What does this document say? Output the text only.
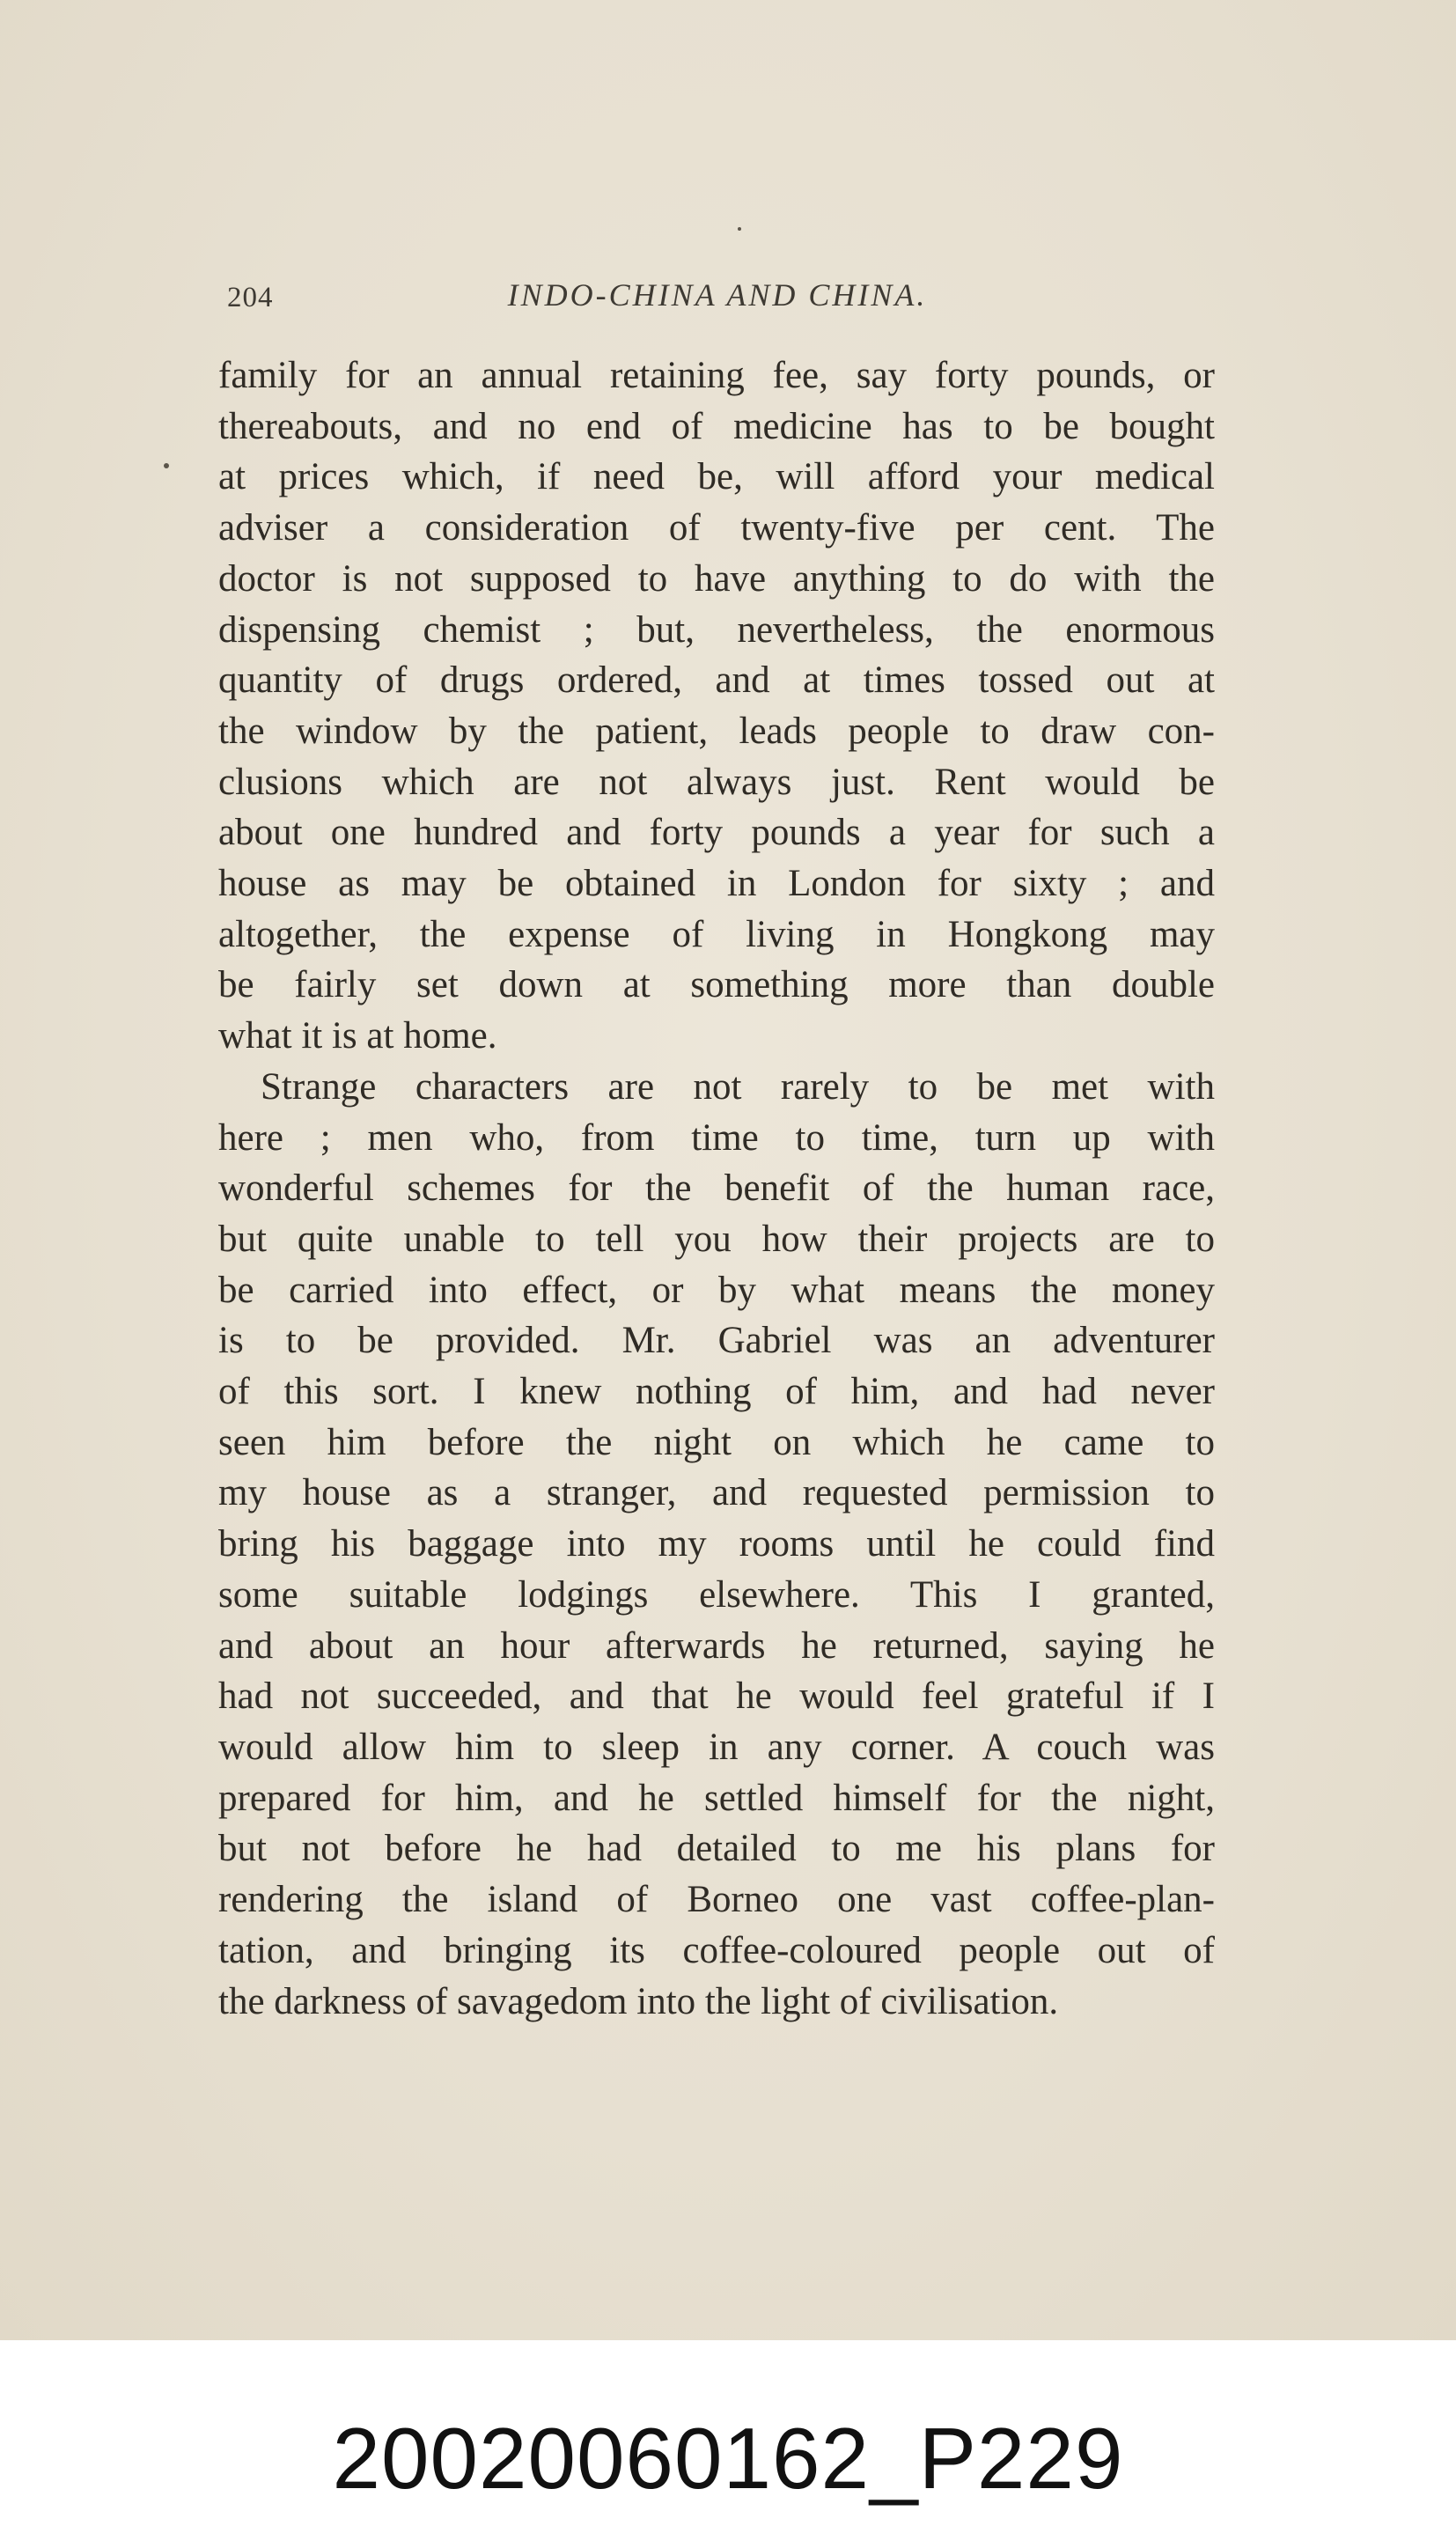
204	INDO-CHINA AND CHINA.
family for an annual retaining fee, say forty pounds, or
thereabouts, and no end of medicine has to be bought
at prices which, if need be, will afford your medical
adviser a consideration of twenty-five per cent. The
doctor is not supposed to have anything to do with the
dispensing chemist ; but, nevertheless, the enormous
quantity of drugs ordered, and at times tossed out at
the window by the patient, leads people to draw con-
clusions which are not always just. Rent would be
about one hundred and forty pounds a year for such a
house as may be obtained in London for sixty ; and
altogether, the expense of living in Hongkong may
be fairly set down at something more than double
what it is at home.
Strange characters are not rarely to be met with
here ; men who, from time to time, turn up with
wonderful schemes for the benefit of the human race,
but quite unable to tell you how their projects are to
be carried into effect, or by what means the money
is to be provided. Mr. Gabriel was an adventurer
of this sort. I knew nothing of him, and had never
seen him before the night on which he came to
my house as a stranger, and requested permission to
bring his baggage into my rooms until he could find
some suitable lodgings elsewhere. This I granted,
and about an hour afterwards he returned, saying he
had not succeeded, and that he would feel grateful if I
would allow him to sleep in any corner. A couch was
prepared for him, and he settled himself for the night,
but not before he had detailed to me his plans for
rendering the island of Borneo one vast coffee-plan-
tation, and bringing its coffee-coloured people out of
the darkness of savagedom into the light of civilisation.
20020060162_P229
